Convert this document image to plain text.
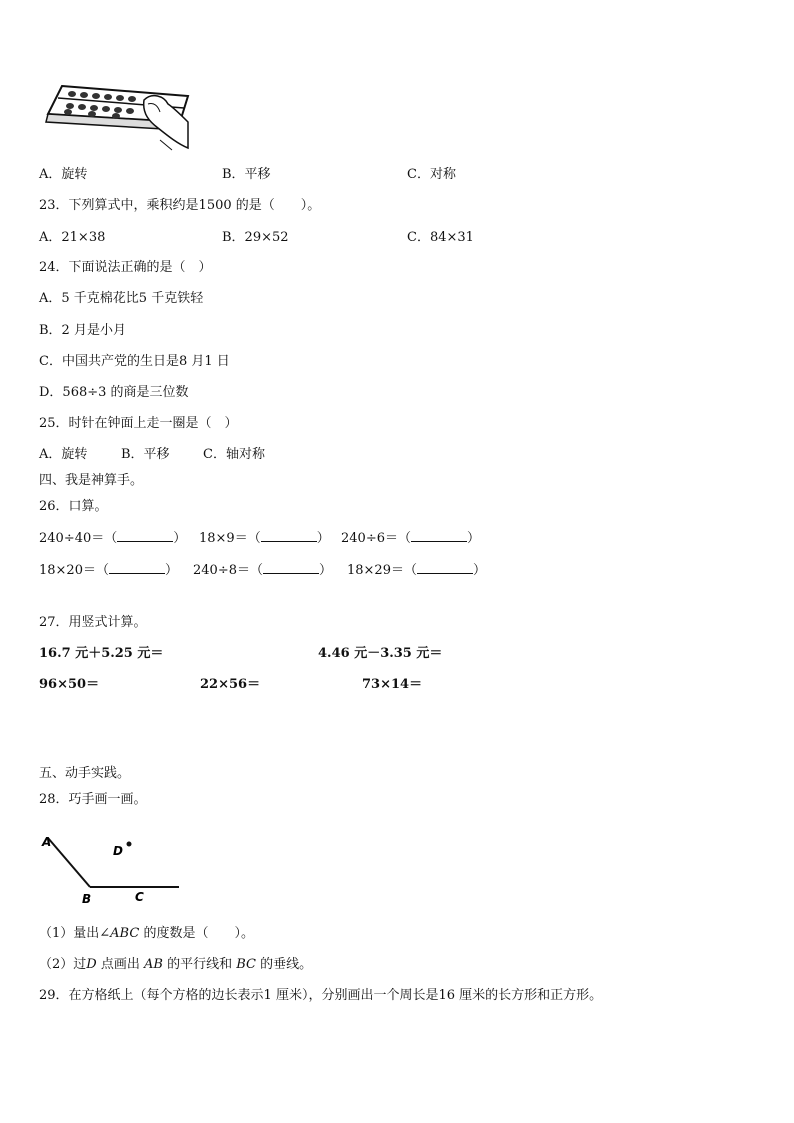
A．旋转	B．平移	C．对称
23．下列算式中，乘积约是1500 的是（　　）。
A．21×38	B．29×52	C．84×31
24．下面说法正确的是（　）
A．5 千克棉花比5 千克铁轻
B．2 月是小月
C．中国共产党的生日是8 月1 日
D．568÷3 的商是三位数
25．时针在钟面上走一圈是（　）
A．旋转	B．平移	C．轴对称
四、我是神算手。
26．口算。
240÷40＝（	） 18×9＝（	） 240÷6＝（	）
18×20＝（	） 240÷8＝（	） 18×29＝（	）
27．用竖式计算。
16.7 元＋5.25 元＝	4.46 元－3.35 元＝
96×50＝	22×56＝	73×14＝
五、动手实践。
28．巧手画一画。
A
B	C
D
（1）量出∠ABC 的度数是（　　）。
（2）过D 点画出 AB 的平行线和 BC 的垂线。
29．在方格纸上（每个方格的边长表示1 厘米），分别画出一个周长是16 厘米的长方形和正方形。
